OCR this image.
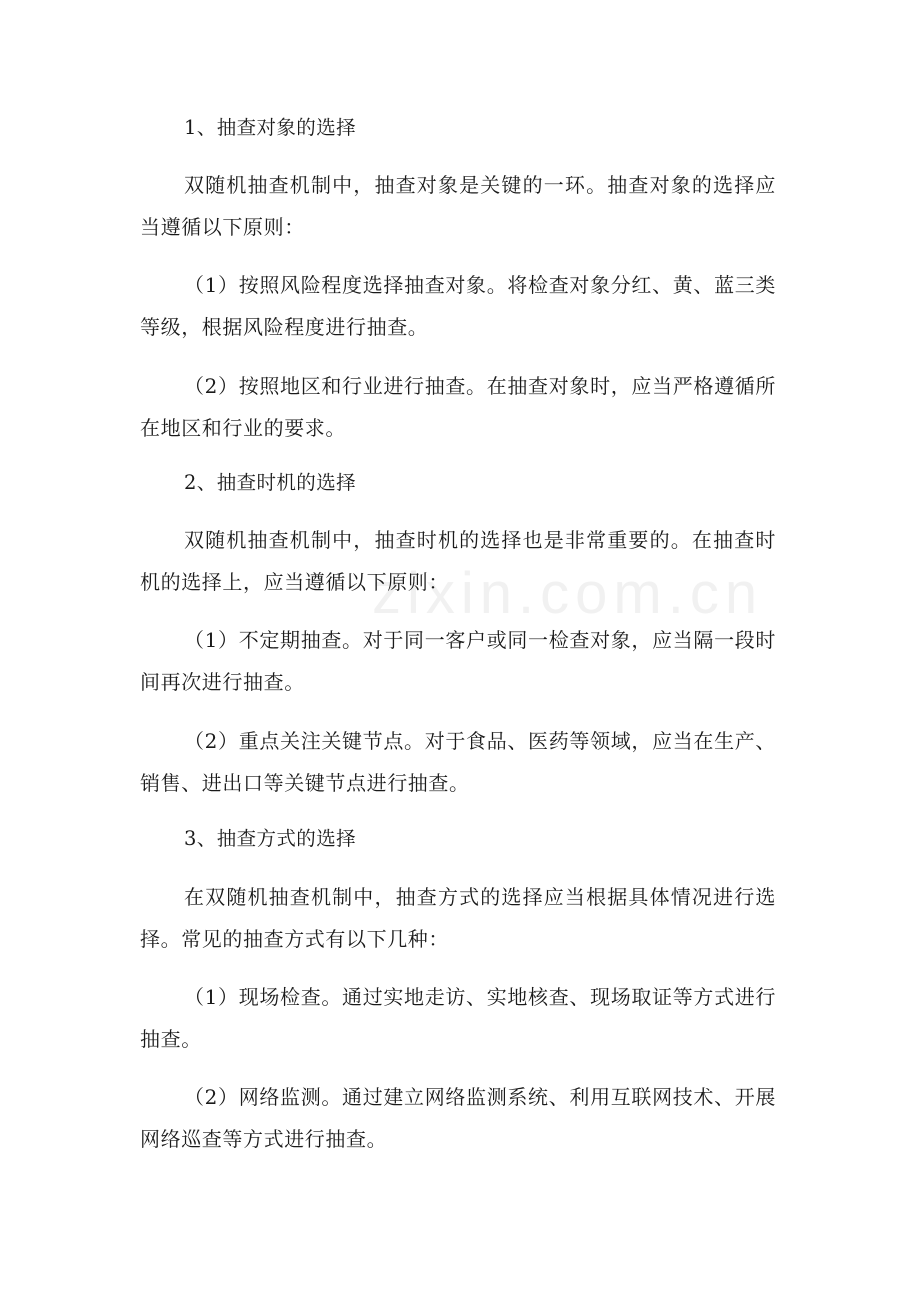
zixin.com.cn
1、抽查对象的选择
双随机抽查机制中，抽查对象是关键的一环。抽查对象的选择应当遵循以下原则：
（1）按照风险程度选择抽查对象。将检查对象分红、黄、蓝三类等级，根据风险程度进行抽查。
（2）按照地区和行业进行抽查。在抽查对象时，应当严格遵循所在地区和行业的要求。
2、抽查时机的选择
双随机抽查机制中，抽查时机的选择也是非常重要的。在抽查时机的选择上，应当遵循以下原则：
（1）不定期抽查。对于同一客户或同一检查对象，应当隔一段时间再次进行抽查。
（2）重点关注关键节点。对于食品、医药等领域，应当在生产、销售、进出口等关键节点进行抽查。
3、抽查方式的选择
在双随机抽查机制中，抽查方式的选择应当根据具体情况进行选择。常见的抽查方式有以下几种：
（1）现场检查。通过实地走访、实地核查、现场取证等方式进行抽查。
（2）网络监测。通过建立网络监测系统、利用互联网技术、开展网络巡查等方式进行抽查。
